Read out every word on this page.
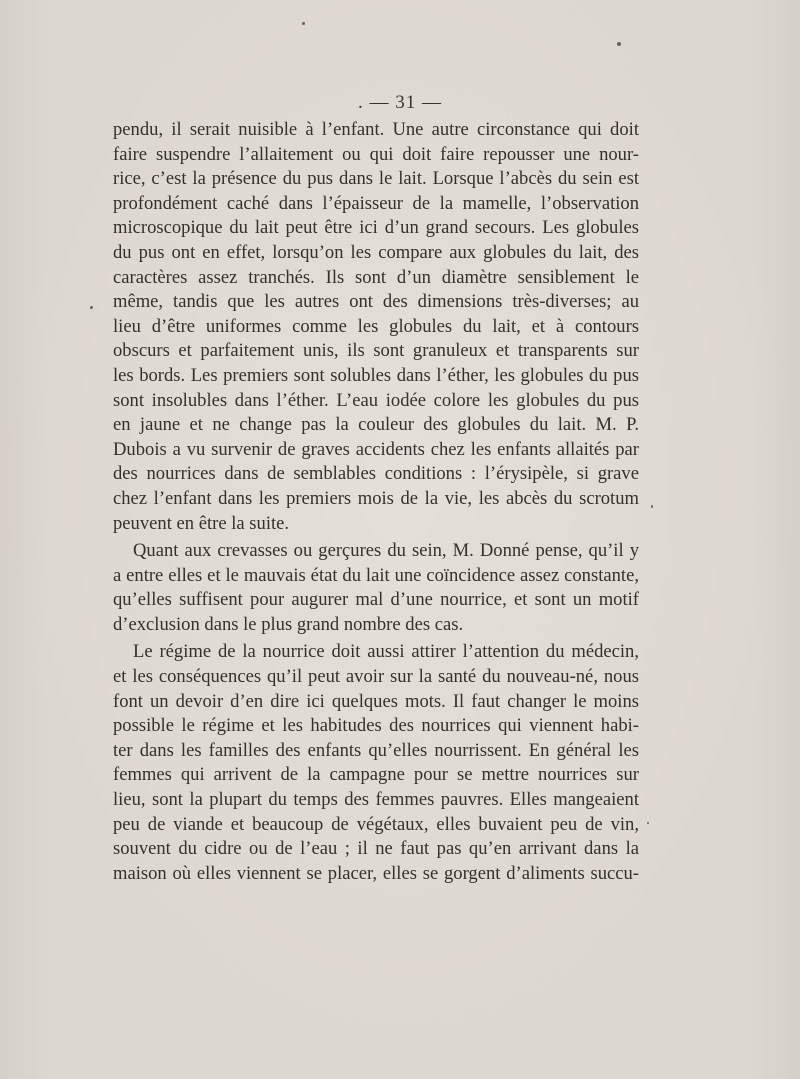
. — 31 —
pendu, il serait nuisible à l’enfant. Une autre circonstance qui doit
faire suspendre l’allaitement ou qui doit faire repousser une nour-
rice, c’est la présence du pus dans le lait. Lorsque l’abcès du sein est
profondément caché dans l’épaisseur de la mamelle, l’observation
microscopique du lait peut être ici d’un grand secours. Les globules
du pus ont en effet, lorsqu’on les compare aux globules du lait, des
caractères assez tranchés. Ils sont d’un diamètre sensiblement le
même, tandis que les autres ont des dimensions très-diverses; au
lieu d’être uniformes comme les globules du lait, et à contours
obscurs et parfaitement unis, ils sont granuleux et transparents sur
les bords. Les premiers sont solubles dans l’éther, les globules du pus
sont insolubles dans l’éther. L’eau iodée colore les globules du pus
en jaune et ne change pas la couleur des globules du lait. M. P.
Dubois a vu survenir de graves accidents chez les enfants allaités par
des nourrices dans de semblables conditions : l’érysipèle, si grave
chez l’enfant dans les premiers mois de la vie, les abcès du scrotum
peuvent en être la suite.
Quant aux crevasses ou gerçures du sein, M. Donné pense, qu’il y
a entre elles et le mauvais état du lait une coïncidence assez constante,
qu’elles suffisent pour augurer mal d’une nourrice, et sont un motif
d’exclusion dans le plus grand nombre des cas.
Le régime de la nourrice doit aussi attirer l’attention du médecin,
et les conséquences qu’il peut avoir sur la santé du nouveau-né, nous
font un devoir d’en dire ici quelques mots. Il faut changer le moins
possible le régime et les habitudes des nourrices qui viennent habi-
ter dans les familles des enfants qu’elles nourrissent. En général les
femmes qui arrivent de la campagne pour se mettre nourrices sur
lieu, sont la plupart du temps des femmes pauvres. Elles mangeaient
peu de viande et beaucoup de végétaux, elles buvaient peu de vin,
souvent du cidre ou de l’eau ; il ne faut pas qu’en arrivant dans la
maison où elles viennent se placer, elles se gorgent d’aliments succu-
